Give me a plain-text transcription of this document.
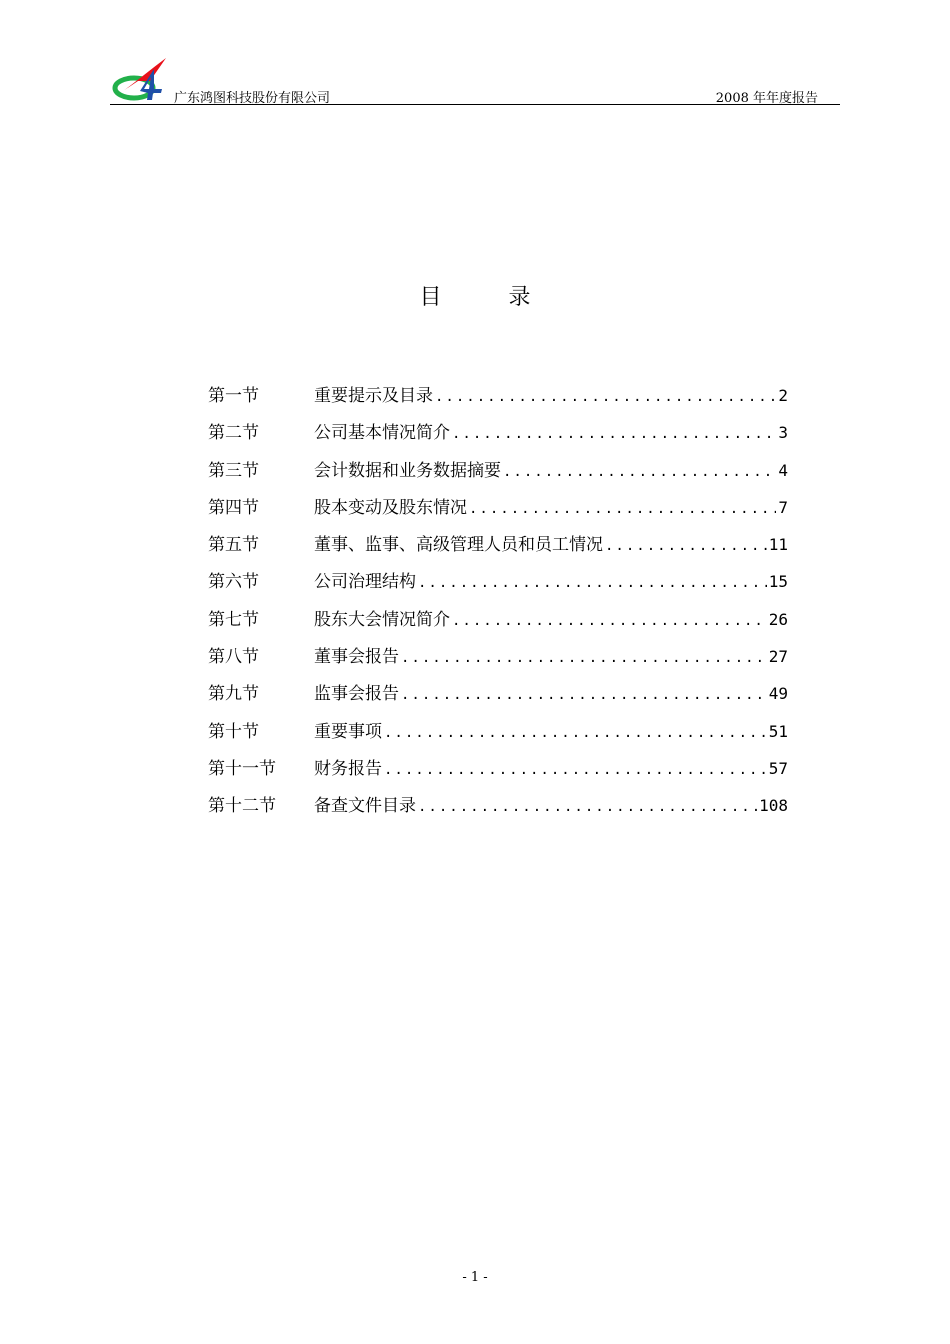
广东鸿图科技股份有限公司	2008 年年度报告
目 录
第一节	重要提示及目录 .....	2
第二节	公司基本情况简介 .....	3
第三节	会计数据和业务数据摘要 .....	4
第四节	股本变动及股东情况 .....	7
第五节	董事、监事、高级管理人员和员工情况 .....	11
第六节	公司治理结构 .....	15
第七节	股东大会情况简介 .....	26
第八节	董事会报告 .....	27
第九节	监事会报告 .....	49
第十节	重要事项 .....	51
第十一节	财务报告 .....	57
第十二节	备查文件目录 .....	108
- 1 -
